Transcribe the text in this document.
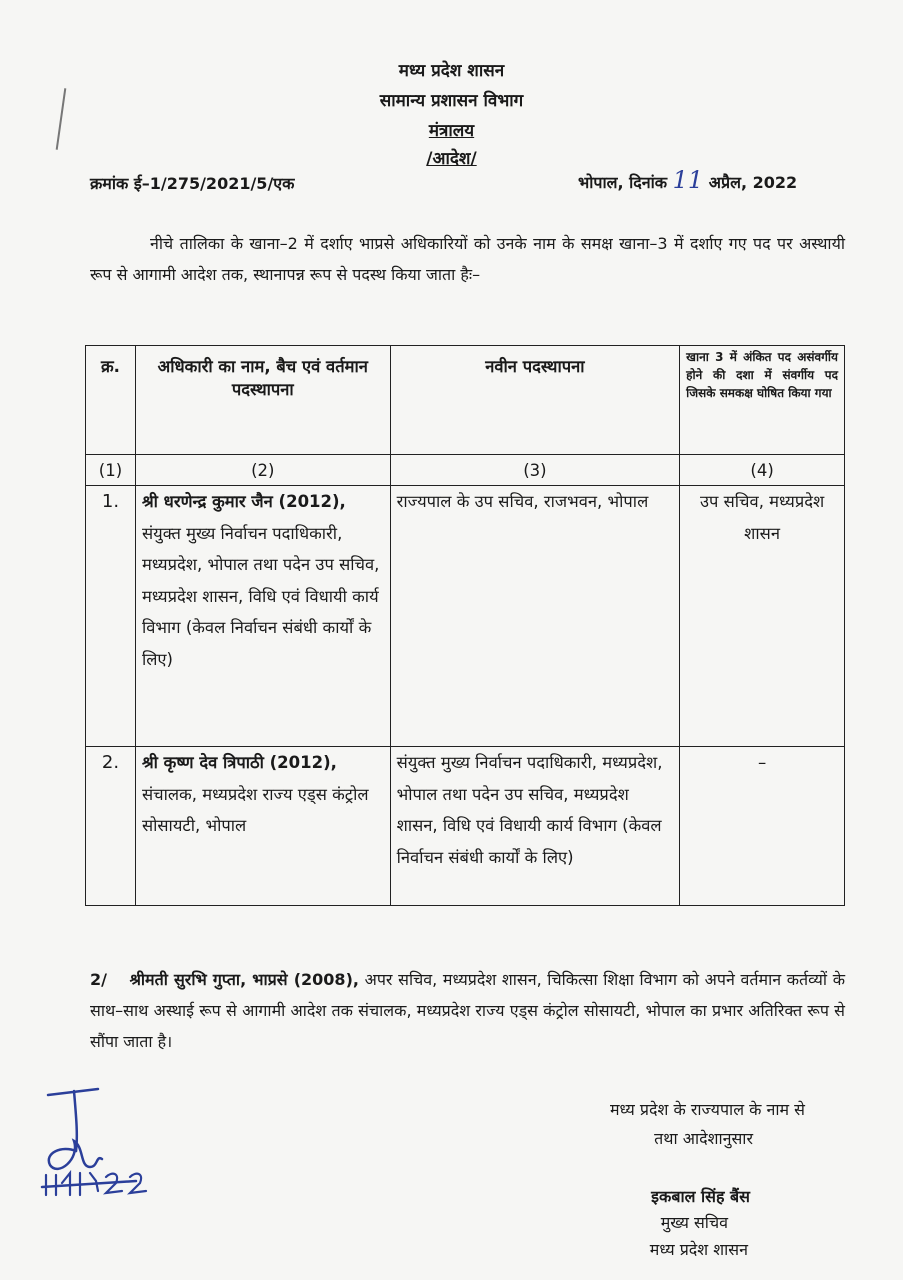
मध्य प्रदेश शासन
सामान्य प्रशासन विभाग
मंत्रालय
/आदेश/
क्रमांक ई–1/275/2021/5/एक	भोपाल, दिनांक 11 अप्रैल, 2022
नीचे तालिका के खाना–2 में दर्शाए भाप्रसे अधिकारियों को उनके नाम के समक्ष खाना–3 में दर्शाए गए पद पर अस्थायी रूप से आगामी आदेश तक, स्थानापन्न रूप से पदस्थ किया जाता हैः–
क्र.	अधिकारी का नाम, बैच एवं वर्तमान पदस्थापना	नवीन पदस्थापना	खाना 3 में अंकित पद असंवर्गीय होने की दशा में संवर्गीय पद जिसके समकक्ष घोषित किया गया
(1)	(2)	(3)	(4)
1.	श्री धरणेन्द्र कुमार जैन (2012), संयुक्त मुख्य निर्वाचन पदाधिकारी, मध्यप्रदेश, भोपाल तथा पदेन उप सचिव, मध्यप्रदेश शासन, विधि एवं विधायी कार्य विभाग (केवल निर्वाचन संबंधी कार्यों के लिए)	राज्यपाल के उप सचिव, राजभवन, भोपाल	उप सचिव, मध्यप्रदेश शासन
2.	श्री कृष्ण देव त्रिपाठी (2012), संचालक, मध्यप्रदेश राज्य एड्स कंट्रोल सोसायटी, भोपाल	संयुक्त मुख्य निर्वाचन पदाधिकारी, मध्यप्रदेश, भोपाल तथा पदेन उप सचिव, मध्यप्रदेश शासन, विधि एवं विधायी कार्य विभाग (केवल निर्वाचन संबंधी कार्यों के लिए)	–
2/ श्रीमती सुरभि गुप्ता, भाप्रसे (2008), अपर सचिव, मध्यप्रदेश शासन, चिकित्सा शिक्षा विभाग को अपने वर्तमान कर्तव्यों के साथ–साथ अस्थाई रूप से आगामी आदेश तक संचालक, मध्यप्रदेश राज्य एड्स कंट्रोल सोसायटी, भोपाल का प्रभार अतिरिक्त रूप से सौंपा जाता है।
मध्य प्रदेश के राज्यपाल के नाम से
तथा आदेशानुसार
इकबाल सिंह बैंस
मुख्य सचिव
मध्य प्रदेश शासन
